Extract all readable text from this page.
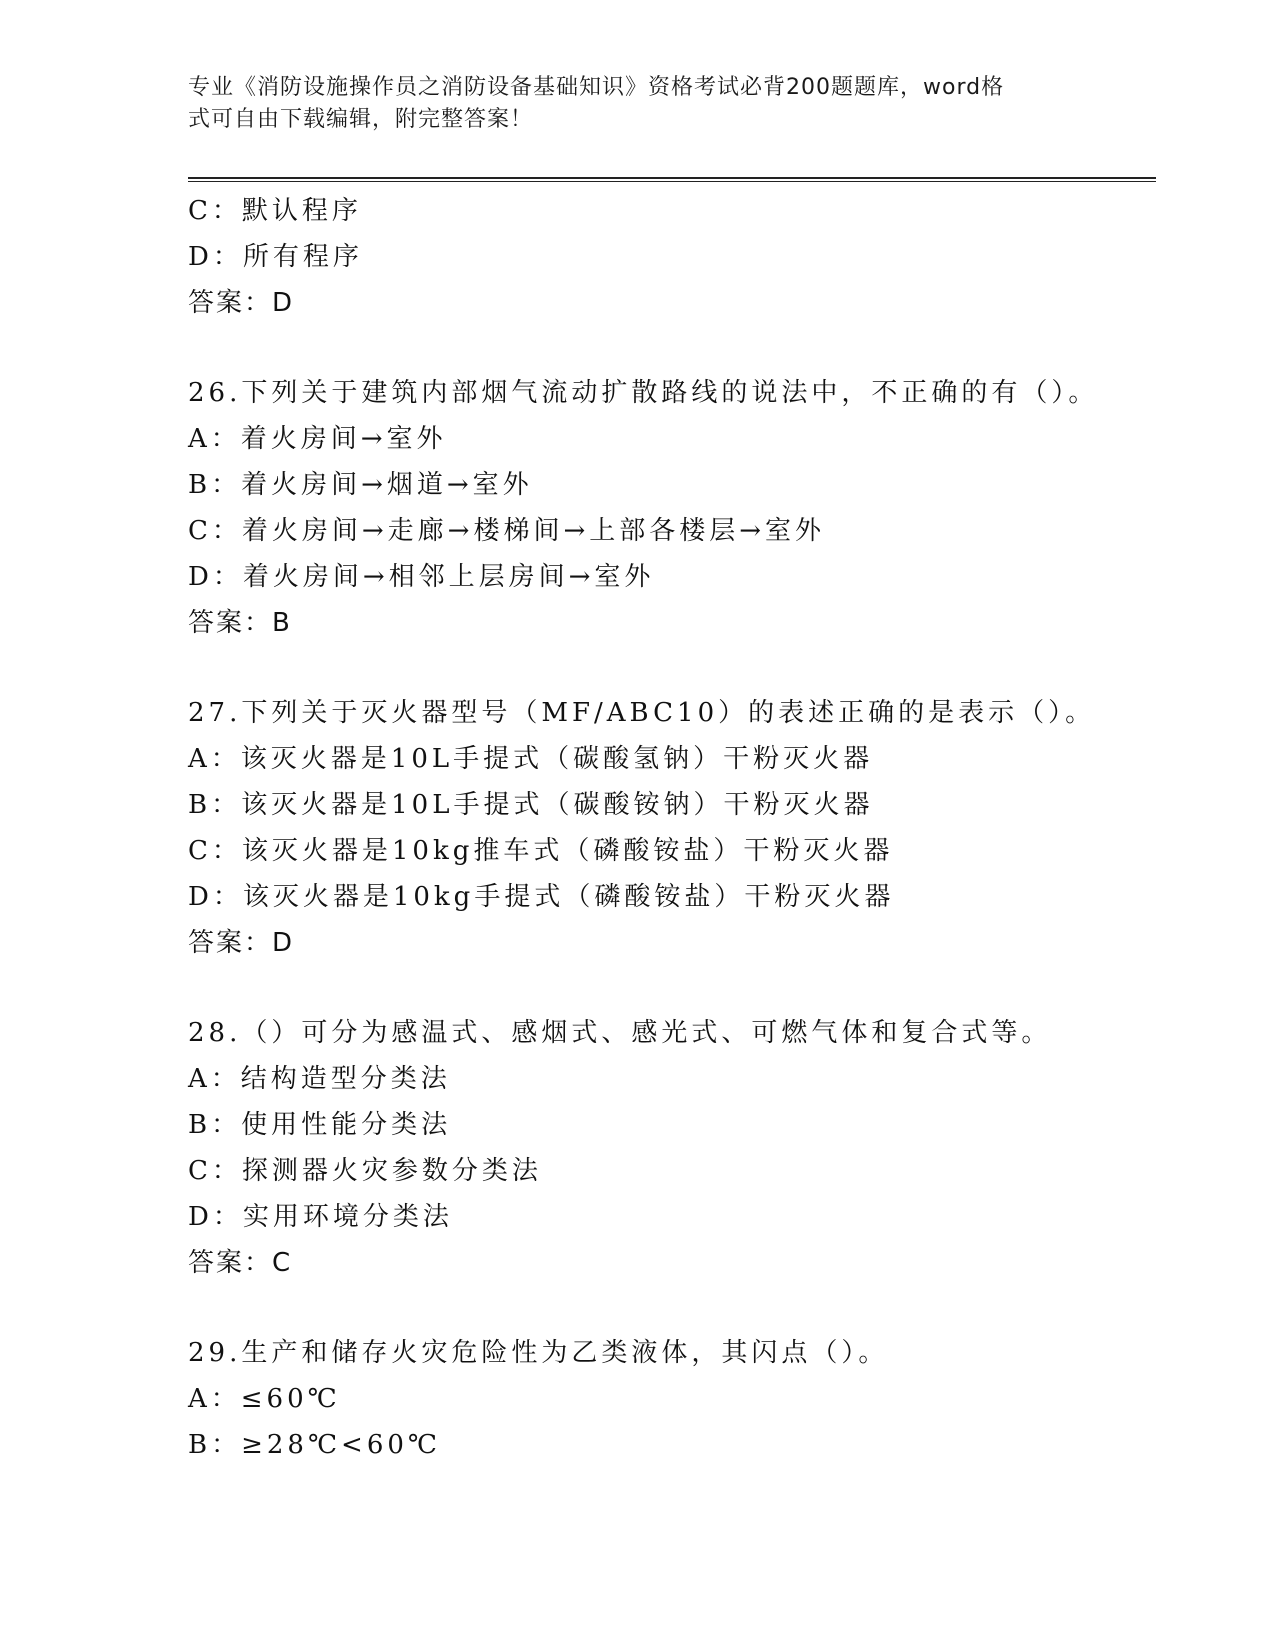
专业《消防设施操作员之消防设备基础知识》资格考试必背200题题库，word格
式可自由下载编辑，附完整答案！
C：默认程序
D：所有程序
答案：D
26.下列关于建筑内部烟气流动扩散路线的说法中，不正确的有（）。
A：着火房间→室外
B：着火房间→烟道→室外
C：着火房间→走廊→楼梯间→上部各楼层→室外
D：着火房间→相邻上层房间→室外
答案：B
27.下列关于灭火器型号（MF/ABC10）的表述正确的是表示（）。
A：该灭火器是10L手提式（碳酸氢钠）干粉灭火器
B：该灭火器是10L手提式（碳酸铵钠）干粉灭火器
C：该灭火器是10kg推车式（磷酸铵盐）干粉灭火器
D：该灭火器是10kg手提式（磷酸铵盐）干粉灭火器
答案：D
28.（）可分为感温式、感烟式、感光式、可燃气体和复合式等。
A：结构造型分类法
B：使用性能分类法
C：探测器火灾参数分类法
D：实用环境分类法
答案：C
29.生产和储存火灾危险性为乙类液体，其闪点（）。
A：≤60℃
B：≥28℃<60℃
